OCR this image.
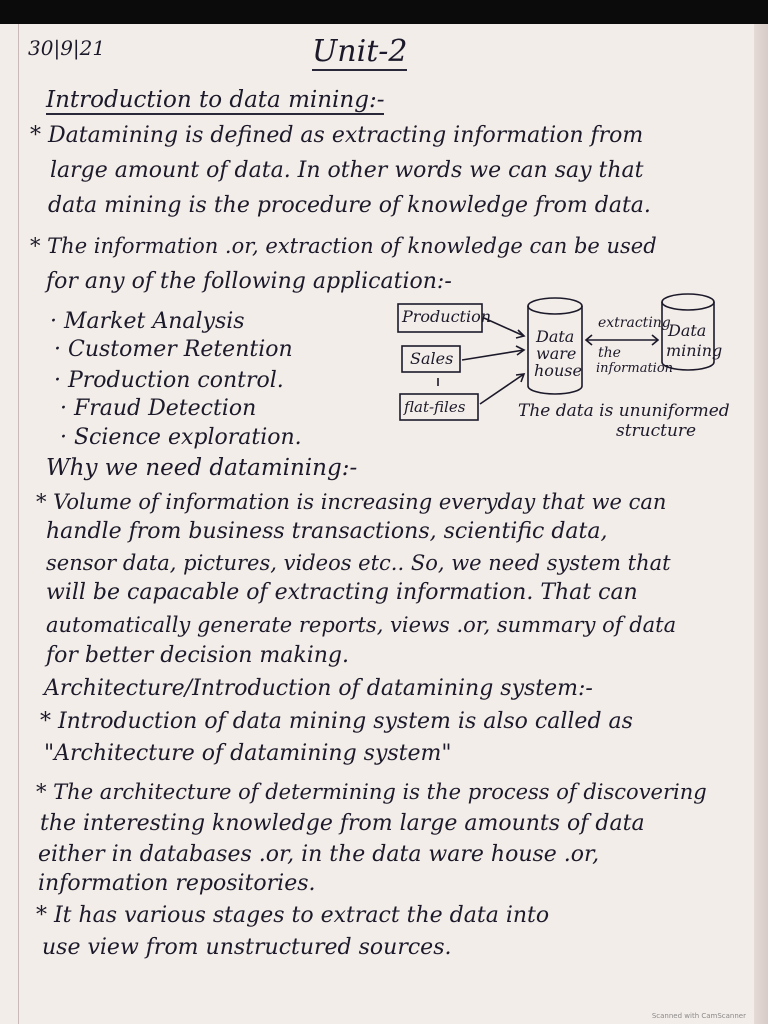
30|9|21	Unit-2
Introduction to data mining:-
* Datamining is defined as extracting information from
large amount of data. In other words we can say that
data mining is the procedure of knowledge from data.
* The information .or, extraction of knowledge can be used
for any of the following application:-
· Market Analysis
· Customer Retention
· Production control.
· Fraud Detection
· Science exploration.
Production
Sales
flat-files
Data
ware
house
extracting
the
information
Data
mining
The data is ununiformed
structure
Why we need datamining:-
* Volume of information is increasing everyday that we can
handle from business transactions, scientific data,
sensor data, pictures, videos etc.. So, we need system that
will be capacable of extracting information. That can
automatically generate reports, views .or, summary of data
for better decision making.
Architecture/Introduction of datamining system:-
* Introduction of data mining system is also called as
"Architecture of datamining system"
* The architecture of determining is the process of discovering
the interesting knowledge from large amounts of data
either in databases .or, in the data ware house .or,
information repositories.
* It has various stages to extract the data into
use view from unstructured sources.
Scanned with CamScanner
